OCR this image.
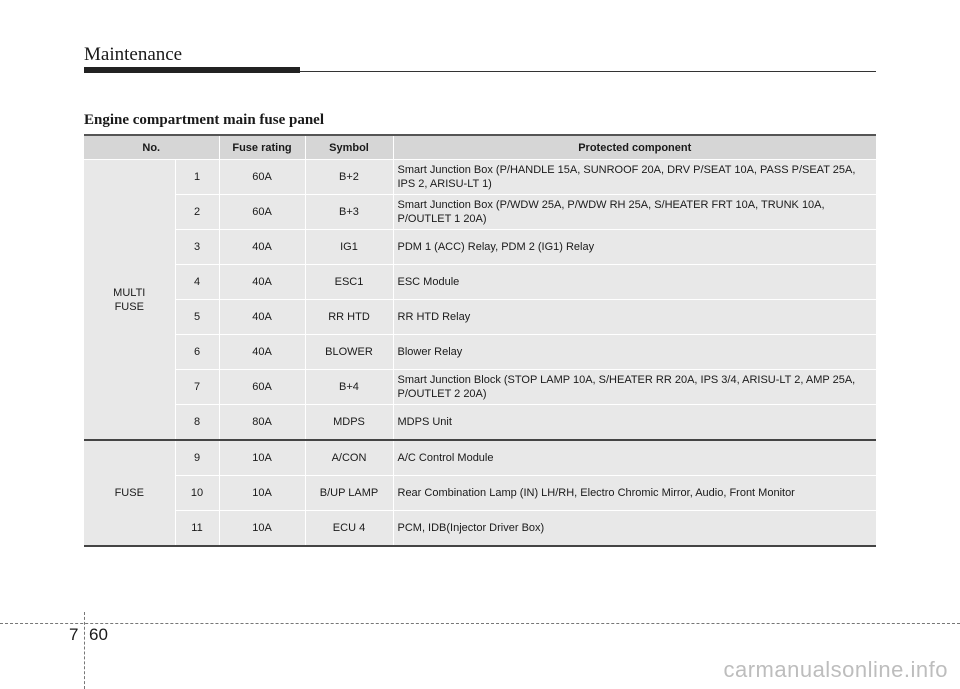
Maintenance
Engine compartment main fuse panel
No.		Fuse rating	Symbol	Protected component
MULTI FUSE	1	60A	B+2	Smart Junction Box (P/HANDLE 15A, SUNROOF 20A, DRV P/SEAT 10A, PASS P/SEAT 25A, IPS 2, ARISU-LT 1)
	2	60A	B+3	Smart Junction Box (P/WDW 25A, P/WDW RH 25A, S/HEATER FRT 10A, TRUNK 10A, P/OUTLET 1 20A)
	3	40A	IG1	PDM 1 (ACC) Relay, PDM 2 (IG1) Relay
	4	40A	ESC1	ESC Module
	5	40A	RR HTD	RR HTD Relay
	6	40A	BLOWER	Blower Relay
	7	60A	B+4	Smart Junction Block (STOP LAMP 10A, S/HEATER RR 20A, IPS 3/4, ARISU-LT 2, AMP 25A, P/OUTLET 2 20A)
	8	80A	MDPS	MDPS Unit
FUSE	9	10A	A/CON	A/C Control Module
	10	10A	B/UP LAMP	Rear Combination Lamp (IN) LH/RH, Electro Chromic Mirror, Audio, Front Monitor
	11	10A	ECU 4	PCM, IDB(Injector Driver Box)
7 60
carmanualsonline.info
